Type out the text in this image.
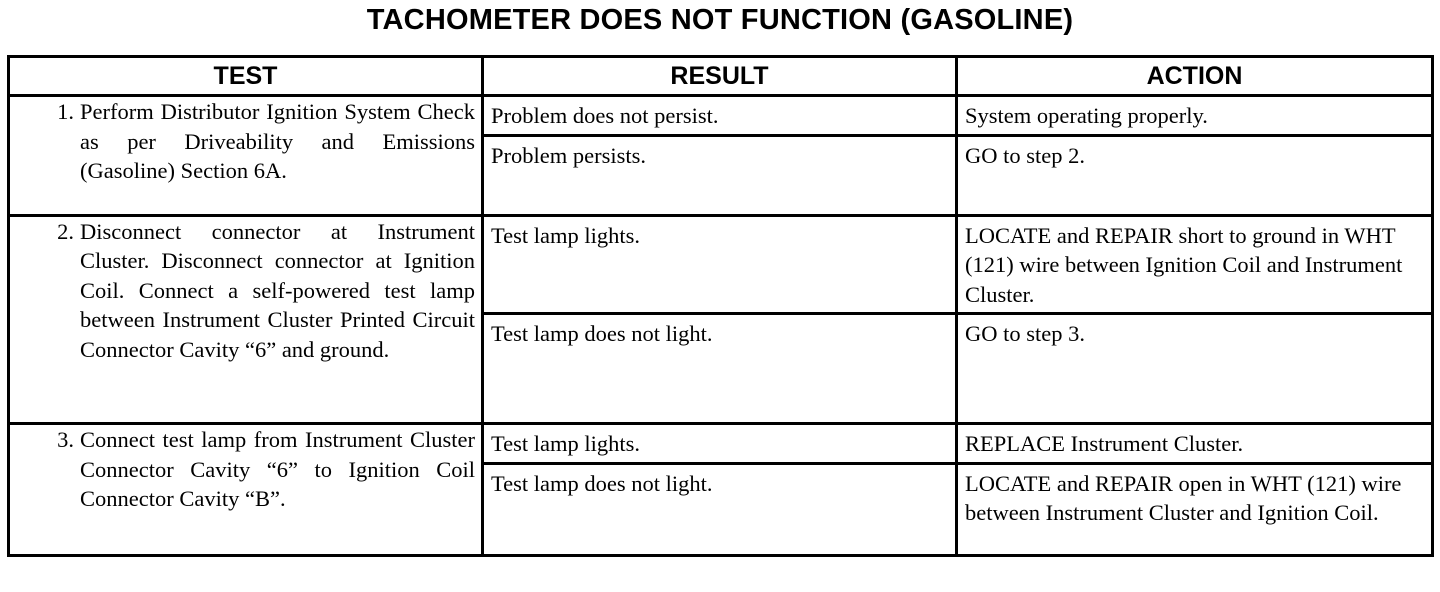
TACHOMETER DOES NOT FUNCTION (GASOLINE)
TEST	RESULT	ACTION

1. Perform Distributor Ignition System Check as per Driveability and Emissions (Gasoline) Section 6A.	Problem does not persist.	System operating properly.
	Problem persists.	GO to step 2.

2. Disconnect connector at Instrument Cluster. Disconnect connector at Ignition Coil. Connect a self-powered test lamp between Instrument Cluster Printed Circuit Connector Cavity “6” and ground.	Test lamp lights.	LOCATE and REPAIR short to ground in WHT (121) wire between Ignition Coil and Instrument Cluster.
	Test lamp does not light.	GO to step 3.

3. Connect test lamp from Instrument Cluster Connector Cavity “6” to Ignition Coil Connector Cavity “B”.	Test lamp lights.	REPLACE Instrument Cluster.
	Test lamp does not light.	LOCATE and REPAIR open in WHT (121) wire between Instrument Cluster and Ignition Coil.
